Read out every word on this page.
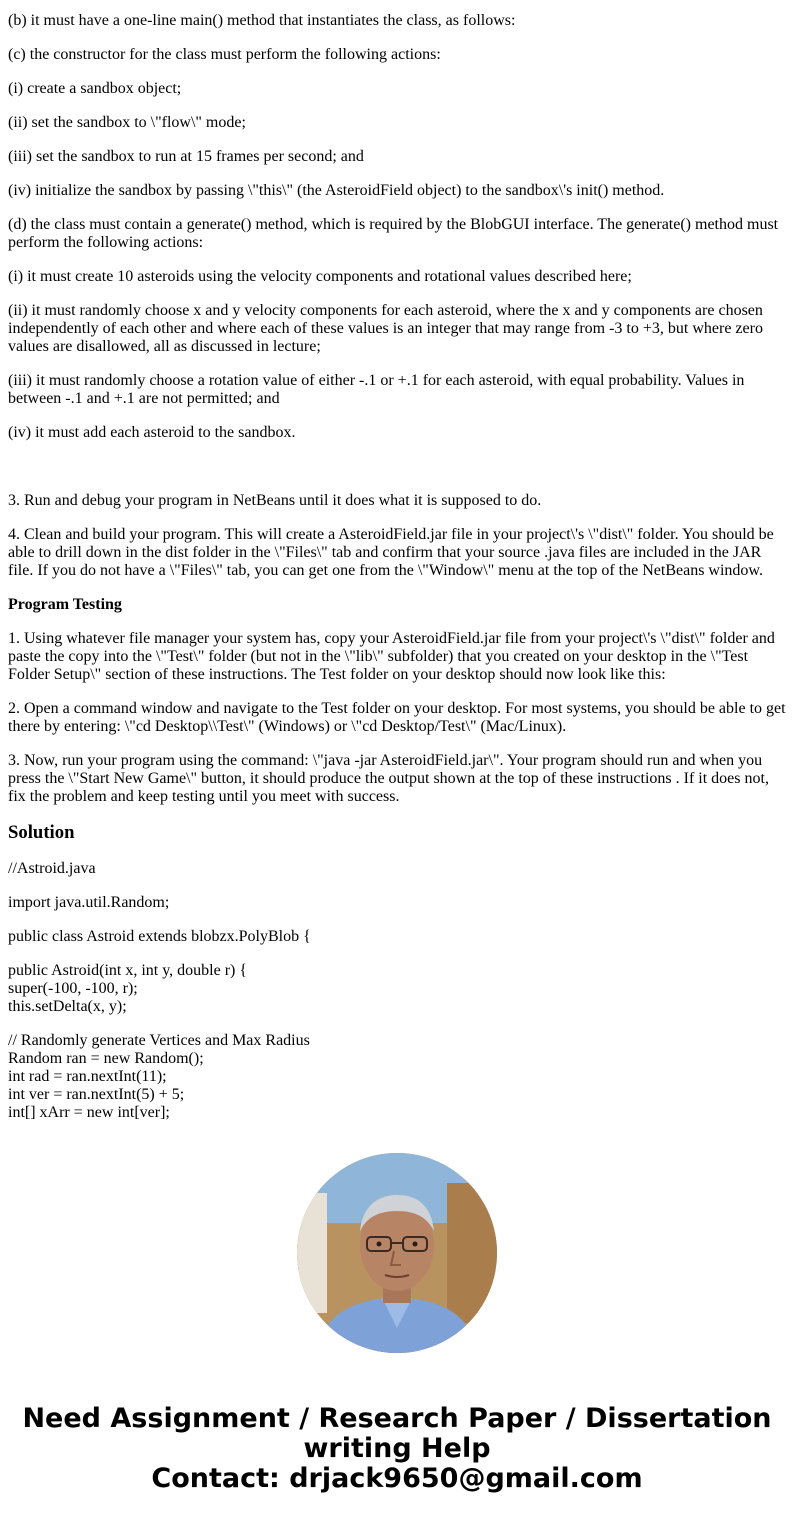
(b) it must have a one-line main() method that instantiates the class, as follows:

(c) the constructor for the class must perform the following actions:

(i) create a sandbox object;

(ii) set the sandbox to \"flow\" mode;

(iii) set the sandbox to run at 15 frames per second; and

(iv) initialize the sandbox by passing \"this\" (the AsteroidField object) to the sandbox\'s init() method.

(d) the class must contain a generate() method, which is required by the BlobGUI interface. The generate() method must perform the following actions:

(i) it must create 10 asteroids using the velocity components and rotational values described here;

(ii) it must randomly choose x and y velocity components for each asteroid, where the x and y components are chosen independently of each other and where each of these values is an integer that may range from -3 to +3, but where zero values are disallowed, all as discussed in lecture;

(iii) it must randomly choose a rotation value of either -.1 or +.1 for each asteroid, with equal probability. Values in between -.1 and +.1 are not permitted; and

(iv) it must add each asteroid to the sandbox.

3. Run and debug your program in NetBeans until it does what it is supposed to do.

4. Clean and build your program. This will create a AsteroidField.jar file in your project\'s \"dist\" folder. You should be able to drill down in the dist folder in the \"Files\" tab and confirm that your source .java files are included in the JAR file. If you do not have a \"Files\" tab, you can get one from the \"Window\" menu at the top of the NetBeans window.

Program Testing

1. Using whatever file manager your system has, copy your AsteroidField.jar file from your project\'s \"dist\" folder and paste the copy into the \"Test\" folder (but not in the \"lib\" subfolder) that you created on your desktop in the \"Test Folder Setup\" section of these instructions. The Test folder on your desktop should now look like this:

2. Open a command window and navigate to the Test folder on your desktop. For most systems, you should be able to get there by entering: \"cd Desktop\\Test\" (Windows) or \"cd Desktop/Test\" (Mac/Linux).

3. Now, run your program using the command: \"java -jar AsteroidField.jar\". Your program should run and when you press the \"Start New Game\" button, it should produce the output shown at the top of these instructions . If it does not, fix the problem and keep testing until you meet with success.

Solution
//Astroid.java
import java.util.Random;
public class Astroid extends blobzx.PolyBlob {
public Astroid(int x, int y, double r) {
super(-100, -100, r);
this.setDelta(x, y);
// Randomly generate Vertices and Max Radius
Random ran = new Random();
int rad = ran.nextInt(11);
int ver = ran.nextInt(5) + 5;
int[] xArr = new int[ver];
Need Assignment / Research Paper / Dissertation
writing Help
Contact: drjack9650@gmail.com
